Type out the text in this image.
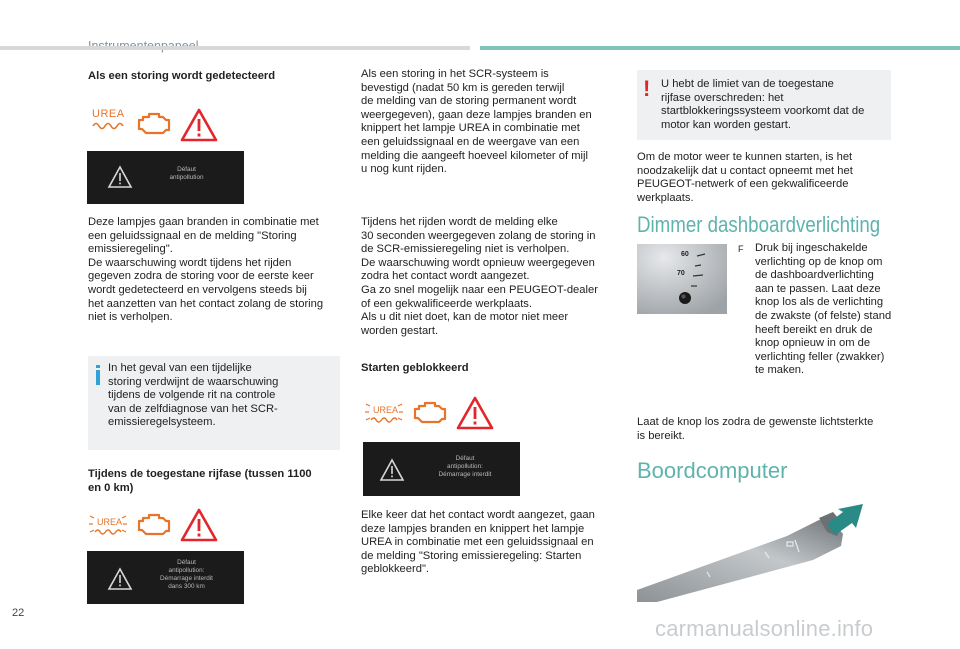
Als een storing wordt gedetecteerd
UREA
Défaut
antipollution
Deze lampjes gaan branden in combinatie met
een geluidssignaal en de melding "Storing
emissieregeling".
De waarschuwing wordt tijdens het rijden
gegeven zodra de storing voor de eerste keer
wordt gedetecteerd en vervolgens steeds bij
het aanzetten van het contact zolang de storing
niet is verholpen.
In het geval van een tijdelijke
storing verdwijnt de waarschuwing
tijdens de volgende rit na controle
van de zelfdiagnose van het SCR-
emissieregelsysteem.
Tijdens de toegestane rijfase (tussen 1100
en 0 km)
UREA
Défaut
antipollution:
Démarrage interdit
dans 300 km
Als een storing in het SCR-systeem is
bevestigd (nadat 50 km is gereden terwijl
de melding van de storing permanent wordt
weergegeven), gaan deze lampjes branden en
knippert het lampje UREA in combinatie met
een geluidssignaal en de weergave van een
melding die aangeeft hoeveel kilometer of mijl
u nog kunt rijden.
Tijdens het rijden wordt de melding elke
30 seconden weergegeven zolang de storing in
de SCR-emissieregeling niet is verholpen.
De waarschuwing wordt opnieuw weergegeven
zodra het contact wordt aangezet.
Ga zo snel mogelijk naar een PEUGEOT-dealer
of een gekwalificeerde werkplaats.
Als u dit niet doet, kan de motor niet meer
worden gestart.
Starten geblokkeerd
UREA
Défaut
antipollution:
Démarrage interdit
Elke keer dat het contact wordt aangezet, gaan
deze lampjes branden en knippert het lampje
UREA in combinatie met een geluidssignaal en
de melding "Storing emissieregeling: Starten
geblokkeerd".
! U hebt de limiet van de toegestane
rijfase overschreden: het
startblokkeringssysteem voorkomt dat de
motor kan worden gestart.
Om de motor weer te kunnen starten, is het
noodzakelijk dat u contact opneemt met het
PEUGEOT-netwerk of een gekwalificeerde
werkplaats.
Dimmer dashboardverlichting
60
70
F Druk bij ingeschakelde
verlichting op de knop om
de dashboardverlichting
aan te passen. Laat deze
knop los als de verlichting
de zwakste (of felste) stand
heeft bereikt en druk de
knop opnieuw in om de
verlichting feller (zwakker)
te maken.
Laat de knop los zodra de gewenste lichtsterkte
is bereikt.
Boordcomputer
22
carmanualsonline.info
